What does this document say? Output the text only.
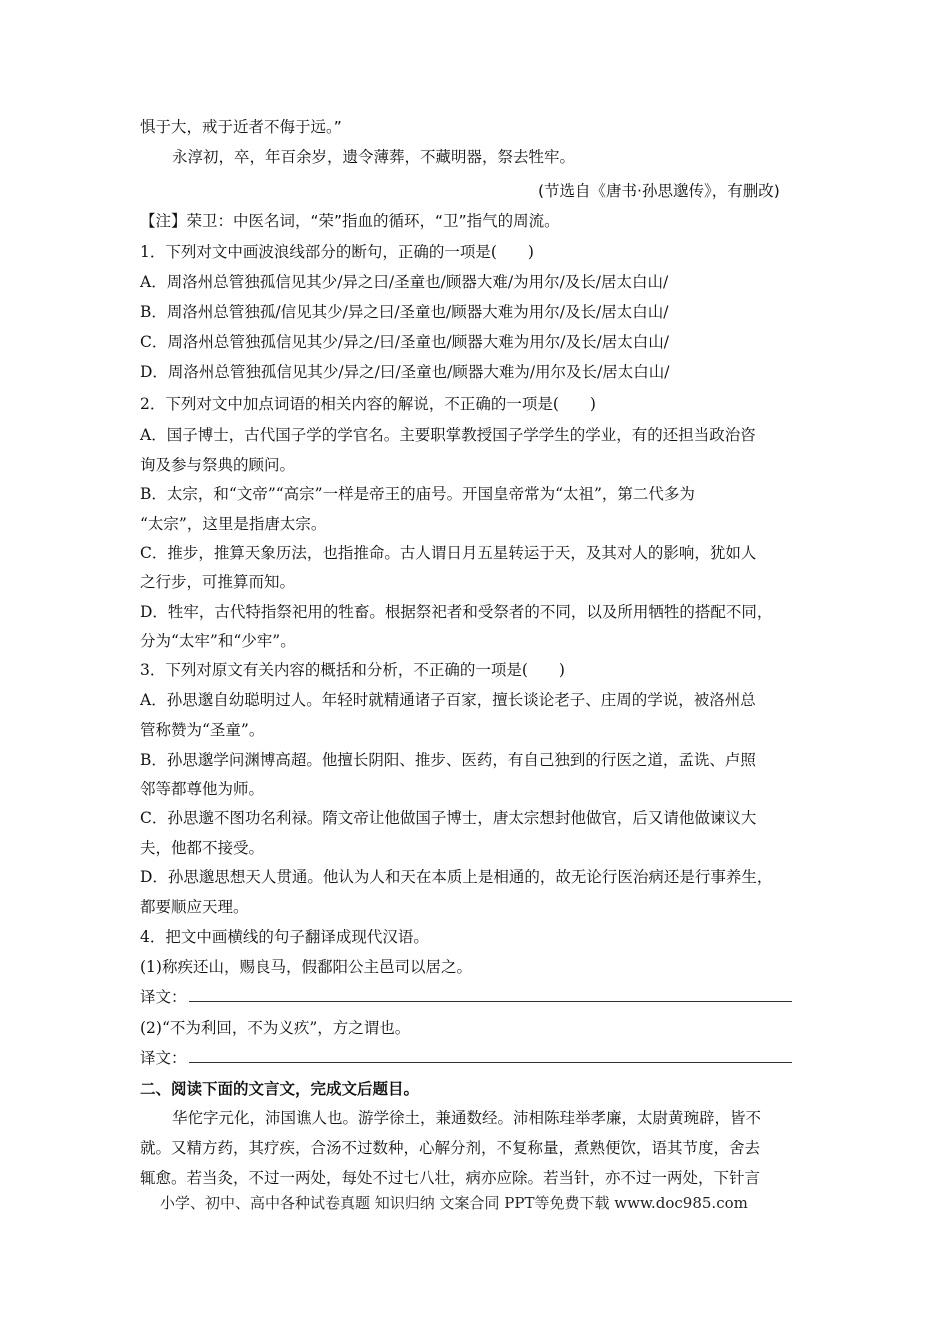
惧于大，戒于近者不侮于远。”
永淳初，卒，年百余岁，遗令薄葬，不藏明器，祭去牲牢。
(节选自《唐书·孙思邈传》，有删改)
【注】荣卫：中医名词，“荣”指血的循环，“卫”指气的周流。
1．下列对文中画波浪线部分的断句，正确的一项是(　　)
A．周洛州总管独孤信见其少/异之曰/圣童也/顾器大难/为用尔/及长/居太白山/
B．周洛州总管独孤/信见其少/异之曰/圣童也/顾器大难为用尔/及长/居太白山/
C．周洛州总管独孤信见其少/异之/曰/圣童也/顾器大难为用尔/及长/居太白山/
D．周洛州总管独孤信见其少/异之/曰/圣童也/顾器大难为/用尔及长/居太白山/
2．下列对文中加点词语的相关内容的解说，不正确的一项是(　　)
A．国子博士，古代国子学的学官名。主要职掌教授国子学学生的学业，有的还担当政治咨
询及参与祭典的顾问。
B．太宗，和“文帝”“高宗”一样是帝王的庙号。开国皇帝常为“太祖”，第二代多为
“太宗”，这里是指唐太宗。
C．推步，推算天象历法，也指推命。古人谓日月五星转运于天，及其对人的影响，犹如人
之行步，可推算而知。
D．牲牢，古代特指祭祀用的牲畜。根据祭祀者和受祭者的不同，以及所用牺牲的搭配不同，
分为“太牢”和“少牢”。
3．下列对原文有关内容的概括和分析，不正确的一项是(　　)
A．孙思邈自幼聪明过人。年轻时就精通诸子百家，擅长谈论老子、庄周的学说，被洛州总
管称赞为“圣童”。
B．孙思邈学问渊博高超。他擅长阴阳、推步、医药，有自己独到的行医之道，孟诜、卢照
邻等都尊他为师。
C．孙思邈不图功名利禄。隋文帝让他做国子博士，唐太宗想封他做官，后又请他做谏议大
夫，他都不接受。
D．孙思邈思想天人贯通。他认为人和天在本质上是相通的，故无论行医治病还是行事养生，
都要顺应天理。
4．把文中画横线的句子翻译成现代汉语。
(1)称疾还山，赐良马，假鄱阳公主邑司以居之。
译文：
(2)“不为利回，不为义疚”，方之谓也。
译文：
二、阅读下面的文言文，完成文后题目。
华佗字元化，沛国谯人也。游学徐土，兼通数经。沛相陈珪举孝廉，太尉黄琬辟，皆不
就。又精方药，其疗疾，合汤不过数种，心解分剂，不复称量，煮熟便饮，语其节度，舍去
辄愈。若当灸，不过一两处，每处不过七八壮，病亦应除。若当针，亦不过一两处，下针言
小学、初中、高中各种试卷真题 知识归纳 文案合同 PPT等免费下载 www.doc985.com
